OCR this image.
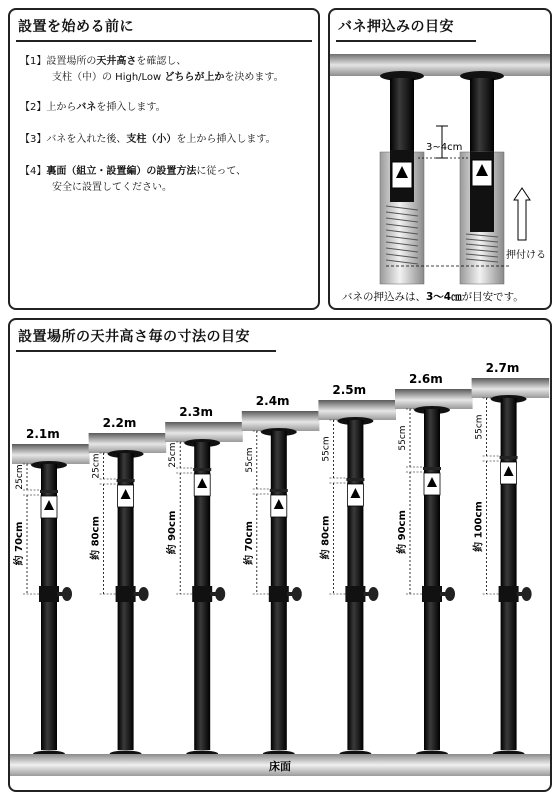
設置を始める前に
【1】設置場所の天井高さを確認し、
支柱（中）の High/Low どちらが上かを決めます。
【2】上からバネを挿入します。
【3】バネを入れた後、支柱（小）を上から挿入します。
【4】裏面（組立・設置編）の設置方法に従って、
安全に設置してください。
バネ押込みの目安
3~4cm
押付ける
バネの押込みは、3～4㎝が目安です。
設置場所の天井高さ毎の寸法の目安
2.1m
2.2m
2.3m
2.4m
2.5m
2.6m
2.7m
25cm
約 70cm
25cm
約 80cm
25cm
約 90cm
55cm
約 70cm
55cm
約 80cm
55cm
約 90cm
55cm
約 100cm
床面
